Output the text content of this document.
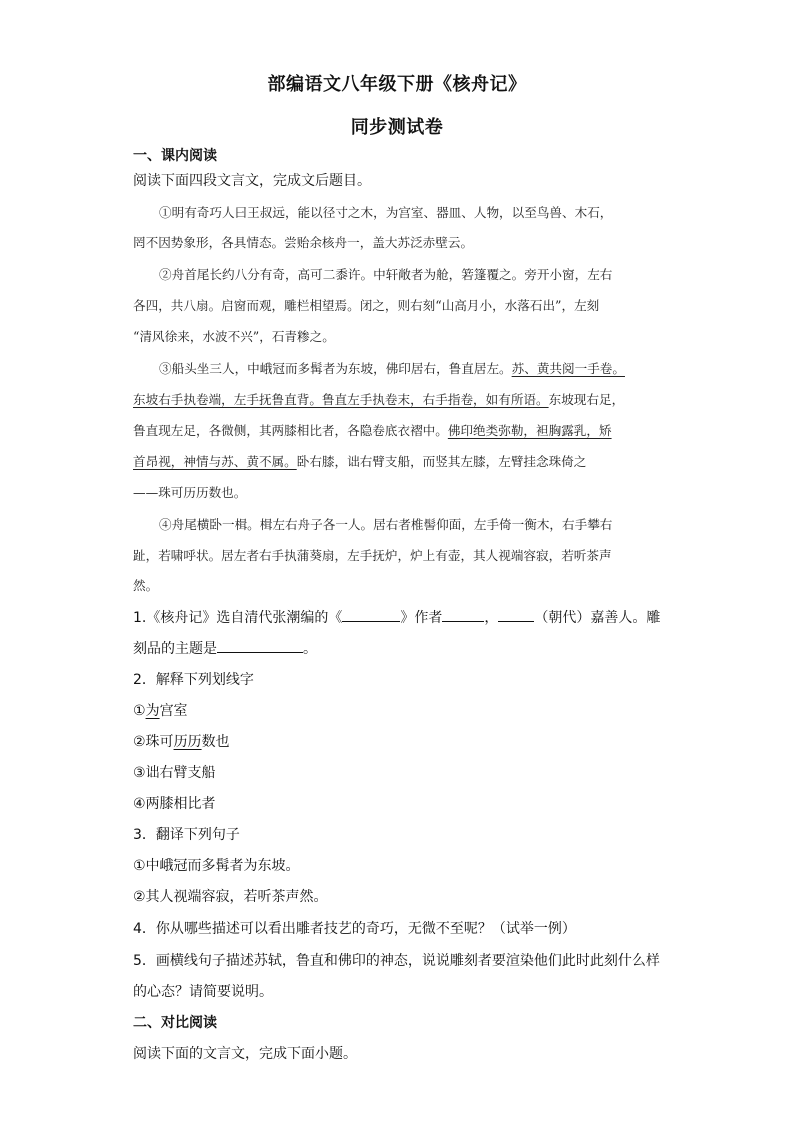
部编语文八年级下册《核舟记》
同步测试卷
一、课内阅读
阅读下面四段文言文，完成文后题目。
①明有奇巧人曰王叔远，能以径寸之木，为宫室、器皿、人物，以至鸟兽、木石，
罔不因势象形，各具情态。尝贻余核舟一，盖大苏泛赤壁云。
②舟首尾长约八分有奇，高可二黍许。中轩敞者为舱，箬篷覆之。旁开小窗，左右
各四，共八扇。启窗而观，雕栏相望焉。闭之，则右刻“山高月小，水落石出”，左刻
“清风徐来，水波不兴”，石青糁之。
③船头坐三人，中峨冠而多髯者为东坡，佛印居右，鲁直居左。苏、黄共阅一手卷。
东坡右手执卷端，左手抚鲁直背。鲁直左手执卷末，右手指卷，如有所语。东坡现右足，
鲁直现左足，各微侧，其两膝相比者，各隐卷底衣褶中。佛印绝类弥勒，袒胸露乳，矫
首昂视，神情与苏、黄不属。卧右膝，诎右臂支船，而竖其左膝，左臂挂念珠倚之
——珠可历历数也。
④舟尾横卧一楫。楫左右舟子各一人。居右者椎髻仰面，左手倚一衡木，右手攀右
趾，若啸呼状。居左者右手执蒲葵扇，左手抚炉，炉上有壶，其人视端容寂，若听茶声
然。
1.《核舟记》选自清代张潮编的《	》作者	，	（朝代）嘉善人。雕
刻品的主题是	。
2．解释下列划线字
①为宫室
②珠可历历数也
③诎右臂支船
④两膝相比者
3．翻译下列句子
①中峨冠而多髯者为东坡。
②其人视端容寂，若听茶声然。
4．你从哪些描述可以看出雕者技艺的奇巧，无微不至呢？（试举一例）
5．画横线句子描述苏轼，鲁直和佛印的神态，说说雕刻者要渲染他们此时此刻什么样
的心态？请简要说明。
二、对比阅读
阅读下面的文言文，完成下面小题。
